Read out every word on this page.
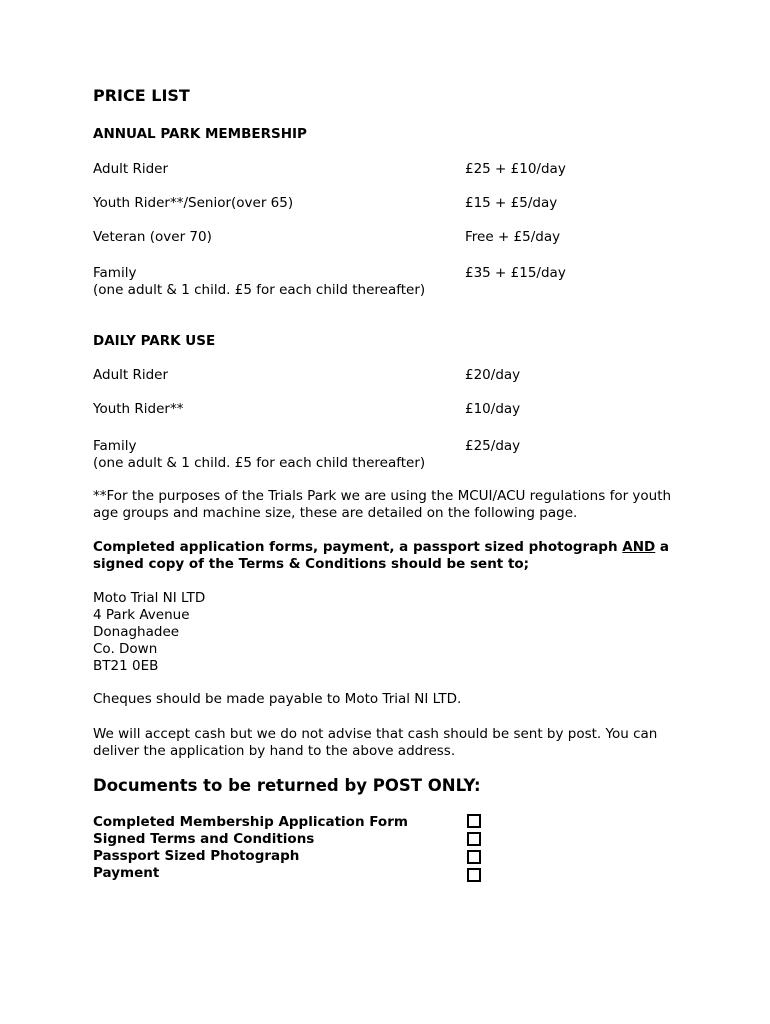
PRICE LIST
ANNUAL PARK MEMBERSHIP
Adult Rider	£25 + £10/day
Youth Rider**/Senior(over 65)	£15 + £5/day
Veteran (over 70)	Free + £5/day
Family	£35 + £15/day
(one adult & 1 child. £5 for each child thereafter)
DAILY PARK USE
Adult Rider	£20/day
Youth Rider**	£10/day
Family	£25/day
(one adult & 1 child. £5 for each child thereafter)
**For the purposes of the Trials Park we are using the MCUI/ACU regulations for youth age groups and machine size, these are detailed on the following page.
Completed application forms, payment, a passport sized photograph AND a signed copy of the Terms & Conditions should be sent to;
Moto Trial NI LTD
4 Park Avenue
Donaghadee
Co. Down
BT21 0EB
Cheques should be made payable to Moto Trial NI LTD.
We will accept cash but we do not advise that cash should be sent by post. You can deliver the application by hand to the above address.
Documents to be returned by POST ONLY:
Completed Membership Application Form
Signed Terms and Conditions
Passport Sized Photograph
Payment
